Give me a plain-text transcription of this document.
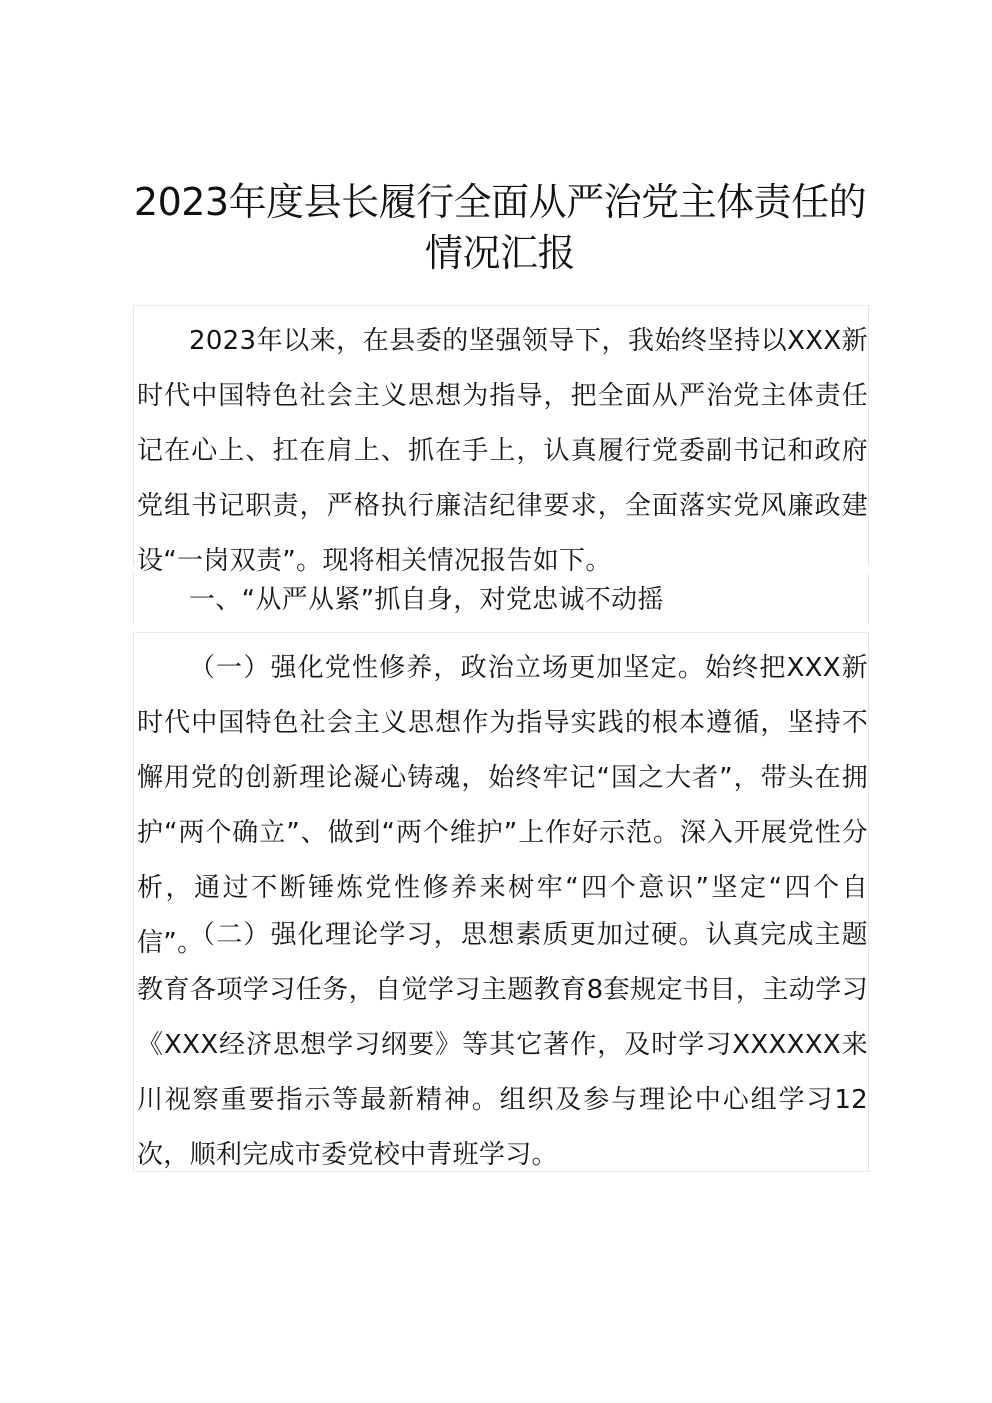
2023年度县长履行全面从严治党主体责任的
情况汇报

2023年以来，在县委的坚强领导下，我始终坚持以XXX新时代中国特色社会主义思想为指导，把全面从严治党主体责任记在心上、扛在肩上、抓在手上，认真履行党委副书记和政府党组书记职责，严格执行廉洁纪律要求，全面落实党风廉政建设“一岗双责”。现将相关情况报告如下。

一、“从严从紧”抓自身，对党忠诚不动摇

（一）强化党性修养，政治立场更加坚定。始终把XXX新时代中国特色社会主义思想作为指导实践的根本遵循，坚持不懈用党的创新理论凝心铸魂，始终牢记“国之大者”，带头在拥护“两个确立”、做到“两个维护”上作好示范。深入开展党性分析，通过不断锤炼党性修养来树牢“四个意识”坚定“四个自信”。

（二）强化理论学习，思想素质更加过硬。认真完成主题教育各项学习任务，自觉学习主题教育8套规定书目，主动学习《XXX经济思想学习纲要》等其它著作，及时学习XXXXXX来川视察重要指示等最新精神。组织及参与理论中心组学习12次，顺利完成市委党校中青班学习。
